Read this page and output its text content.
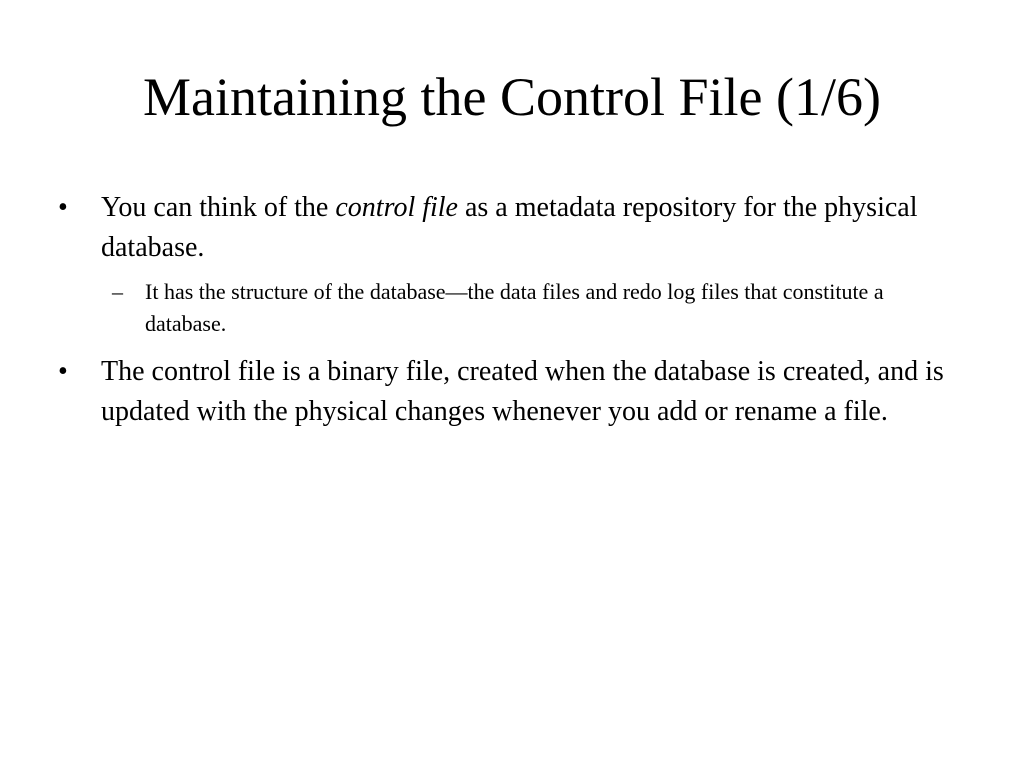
Maintaining the Control File (1/6)
•	You can think of the control file as a metadata repository for the physical database.
– It has the structure of the database—the data files and redo log files that constitute a database.
•	The control file is a binary file, created when the database is created, and is updated with the physical changes whenever you add or rename a file.
